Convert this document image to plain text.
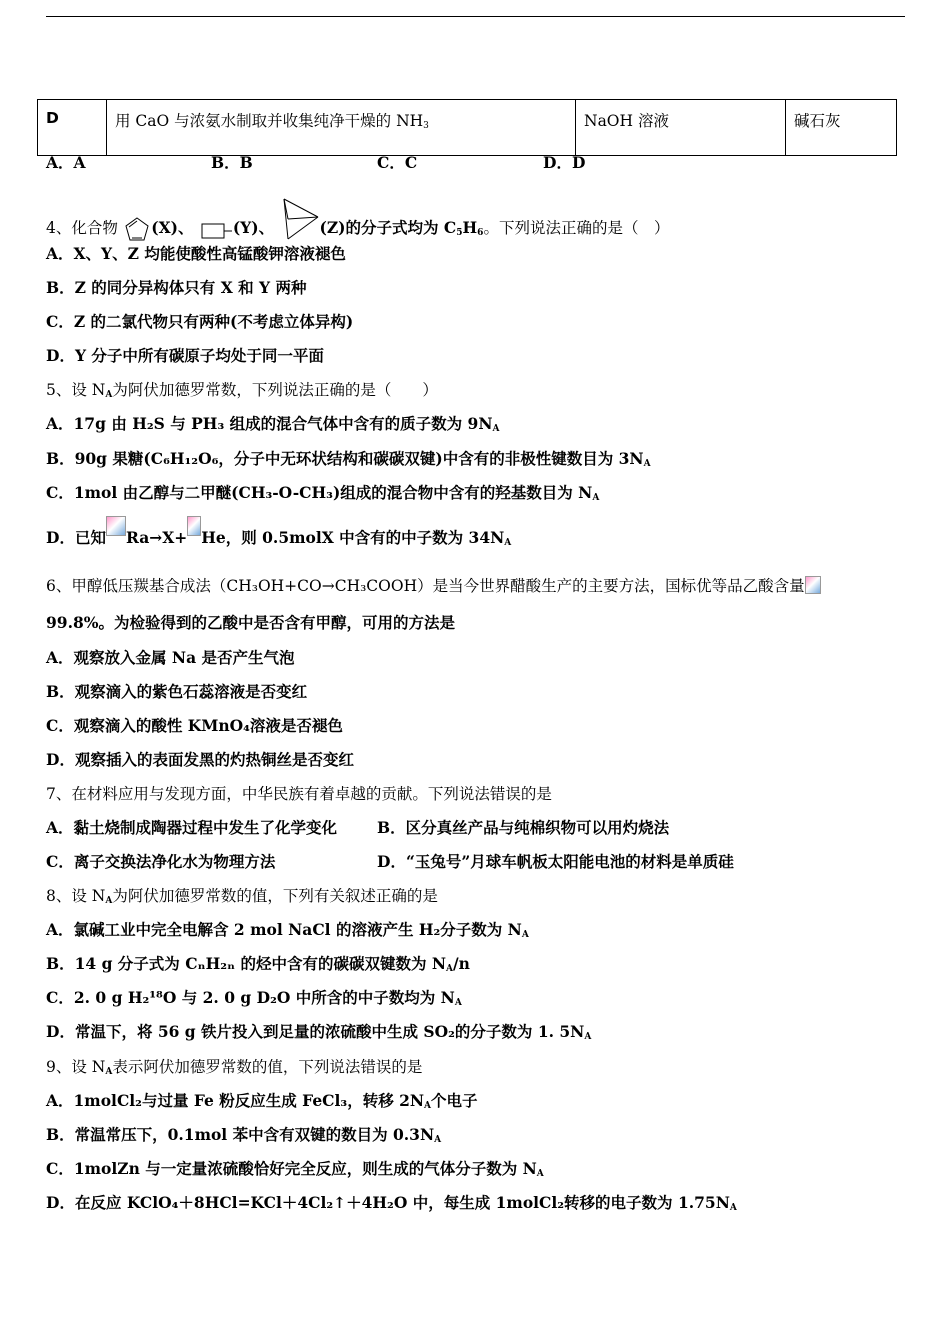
D	用 CaO 与浓氨水制取并收集纯净干燥的 $NH_3$	NaOH 溶液	碱石灰
A．A	B．B	C．C	D．D
4、化合物 (X)、	(Y)、	(Z)的分子式均为 $C_5H_6$。下列说法正确的是（　）
A．X、Y、Z 均能使酸性高锰酸钾溶液褪色
B．Z 的同分异构体只有 X 和 Y 两种
C．Z 的二氯代物只有两种(不考虑立体异构)
D．Y 分子中所有碳原子均处于同一平面
5、设 $N_A$为阿伏加德罗常数，下列说法正确的是（　　）
A．17g 由 H₂S 与 PH₃ 组成的混合气体中含有的质子数为 $9N_A$
B．90g 果糖(C₆H₁₂O₆，分子中无环状结构和碳碳双键)中含有的非极性键数目为 $3N_A$
C．1mol 由乙醇与二甲醚(CH₃-O-CH₃)组成的混合物中含有的羟基数目为 $N_A$
D．已知 Ra→X+ He，则 0.5molX 中含有的中子数为 $34N_A$
6、甲醇低压羰基合成法（CH₃OH+CO→CH₃COOH）是当今世界醋酸生产的主要方法，国标优等品乙酸含量
99.8%。为检验得到的乙酸中是否含有甲醇，可用的方法是
A．观察放入金属 Na 是否产生气泡
B．观察滴入的紫色石蕊溶液是否变红
C．观察滴入的酸性 KMnO₄溶液是否褪色
D．观察插入的表面发黑的灼热铜丝是否变红
7、在材料应用与发现方面，中华民族有着卓越的贡献。下列说法错误的是
A．黏土烧制成陶器过程中发生了化学变化	B．区分真丝产品与纯棉织物可以用灼烧法
C．离子交换法净化水为物理方法	D．“玉兔号”月球车帆板太阳能电池的材料是单质硅
8、设 $N_A$为阿伏加德罗常数的值，下列有关叙述正确的是
A．氯碱工业中完全电解含 2 mol NaCl 的溶液产生 H₂分子数为 $N_A$
B．14 g 分子式为 CₙH₂ₙ 的烃中含有的碳碳双键数为 $N_A/n$
C．2. 0 g H₂¹⁸O 与 2. 0 g D₂O 中所含的中子数均为 $N_A$
D．常温下，将 56 g 铁片投入到足量的浓硫酸中生成 SO₂的分子数为 1. $5N_A$
9、设 $N_A$表示阿伏加德罗常数的值，下列说法错误的是
A．1molCl₂与过量 Fe 粉反应生成 FeCl₃，转移 $2N_A$个电子
B．常温常压下，0.1mol 苯中含有双键的数目为 $0.3N_A$
C．1molZn 与一定量浓硫酸恰好完全反应，则生成的气体分子数为 $N_A$
D．在反应 KClO₄＋8HCl=KCl＋4Cl₂↑＋4H₂O 中，每生成 1molCl₂转移的电子数为 $1.75N_A$
